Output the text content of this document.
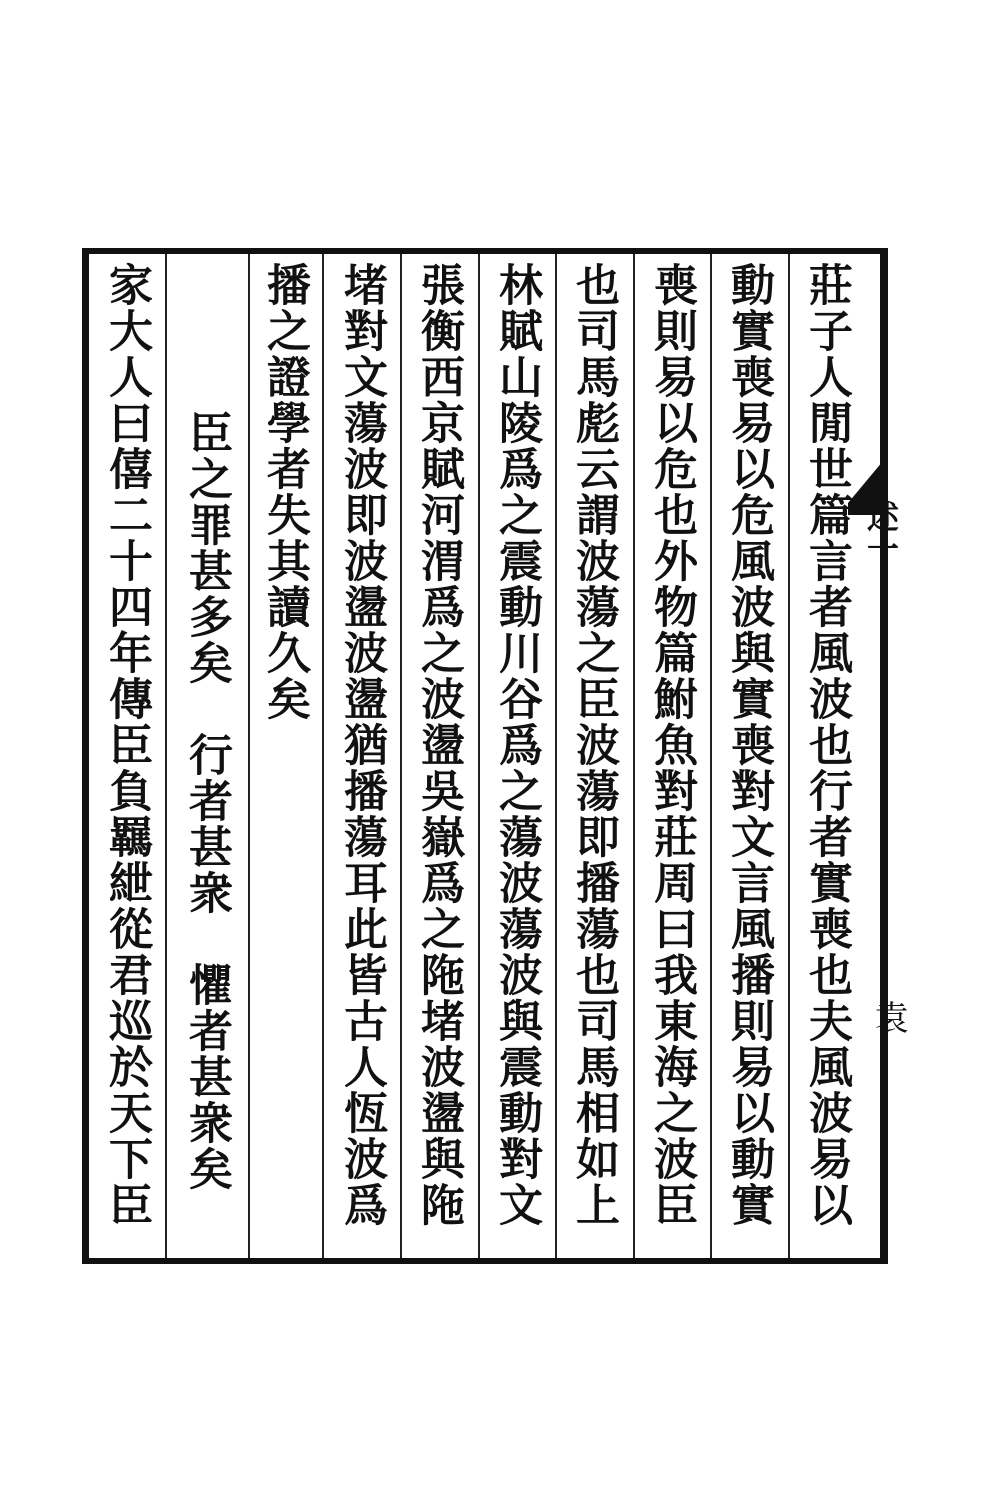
述一
袁
莊子人閒世篇言者風波也行者實喪也夫風波易以
動實喪易以危風波與實喪對文言風播則易以動實
喪則易以危也外物篇鮒魚對莊周曰我東海之波臣
也司馬彪云謂波蕩之臣波蕩即播蕩也司馬相如上
林賦山陵爲之震動川谷爲之蕩波蕩波與震動對文
張衡西京賦河渭爲之波盪吳嶽爲之陁堵波盪與陁
堵對文蕩波即波盪波盪猶播蕩耳此皆古人恆波爲
播之證學者失其讀久矣
臣之罪甚多矣　行者甚衆　懼者甚衆矣
家大人曰僖二十四年傳臣負羈紲從君巡於天下臣
